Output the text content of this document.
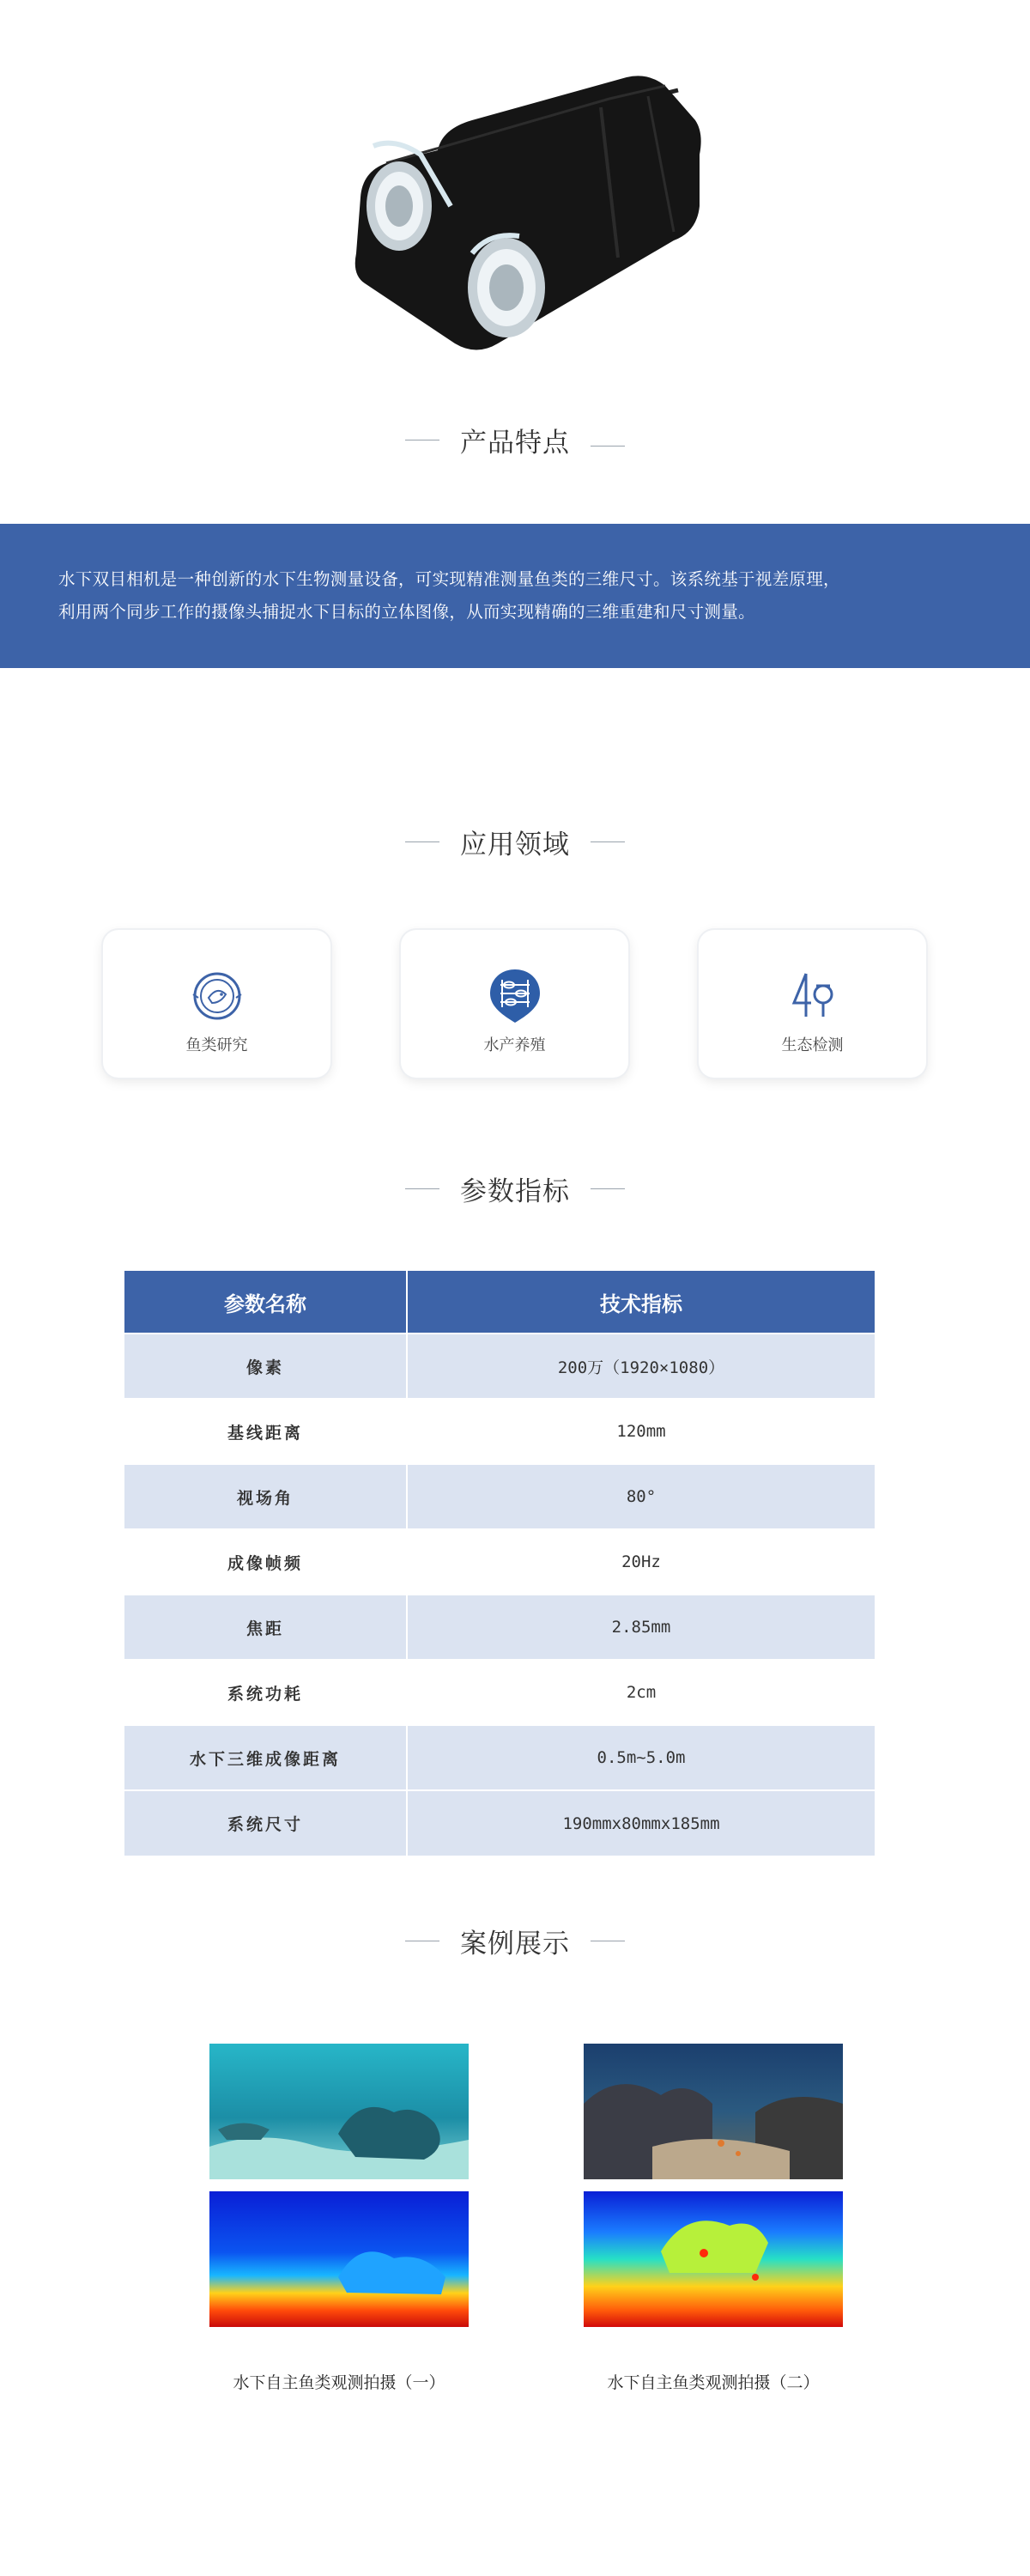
产品特点

水下双目相机是一种创新的水下生物测量设备，可实现精准测量鱼类的三维尺寸。该系统基于视差原理，

利用两个同步工作的摄像头捕捉水下目标的立体图像，从而实现精确的三维重建和尺寸测量。

应用领域
鱼类研究	水产养殖	生态检测
参数指标
参数名称	技术指标
像素	200万（1920×1080）
基线距离	120mm
视场角	80°
成像帧频	20Hz
焦距	2.85mm
系统功耗	2cm
水下三维成像距离	0.5m~5.0m
系统尺寸	190mmx80mmx185mm
案例展示
水下自主鱼类观测拍摄（一）	水下自主鱼类观测拍摄（二）
